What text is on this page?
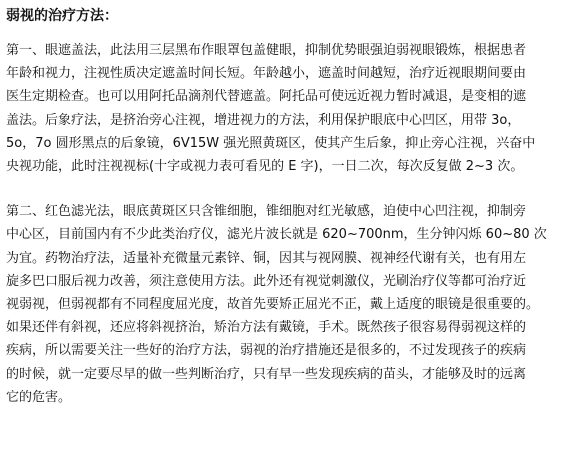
弱视的治疗方法：
第一、眼遮盖法，此法用三层黑布作眼罩包盖健眼，抑制优势眼强迫弱视眼锻炼，根据患者
年龄和视力，注视性质决定遮盖时间长短。年龄越小，遮盖时间越短，治疗近视眼期间要由
医生定期检查。也可以用阿托品滴剂代替遮盖。阿托品可使远近视力暂时减退，是变相的遮
盖法。后象疗法，是挤治旁心注视，增进视力的方法，利用保护眼底中心凹区，用带 3o，
5o，7o 圆形黑点的后象镜，6V15W 强光照黄斑区，使其产生后象，抑止旁心注视，兴奋中
央视功能，此时注视视标(十字或视力表可看见的 E 字)，一日二次，每次反复做 2~3 次。
第二、红色滤光法，眼底黄斑区只含锥细胞，锥细胞对红光敏感，迫使中心凹注视，抑制旁
中心区，目前国内有不少此类治疗仪，滤光片波长就是 620~700nm，生分钟闪烁 60~80 次
为宜。药物治疗法，适量补充微量元素锌、铜，因其与视网膜、视神经代谢有关，也有用左
旋多巴口服后视力改善，须注意使用方法。此外还有视觉刺激仪，光刷治疗仪等都可治疗近
视弱视，但弱视都有不同程度屈光度，故首先要矫正屈光不正，戴上适度的眼镜是很重要的。
如果还伴有斜视，还应将斜视挤治，矫治方法有戴镜，手术。既然孩子很容易得弱视这样的
疾病，所以需要关注一些好的治疗方法，弱视的治疗措施还是很多的，不过发现孩子的疾病
的时候，就一定要尽早的做一些判断治疗，只有早一些发现疾病的苗头，才能够及时的远离
它的危害。
